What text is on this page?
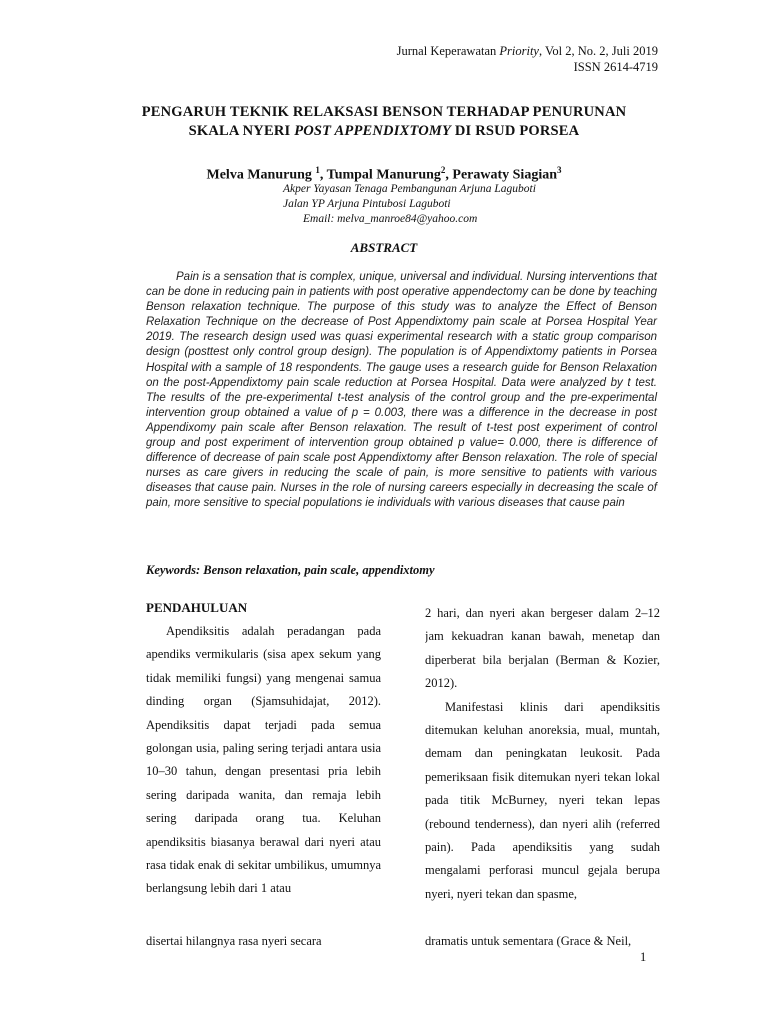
Jurnal Keperawatan Priority, Vol 2, No. 2, Juli 2019
ISSN 2614-4719
PENGARUH TEKNIK RELAKSASI BENSON TERHADAP PENURUNAN
SKALA NYERI POST APPENDIXTOMY DI RSUD PORSEA
Melva Manurung $^1$, Tumpal Manurung$^2$, Perawaty Siagian$^3$
Akper Yayasan Tenaga Pembangunan Arjuna Laguboti
Jalan YP Arjuna Pintubosi Laguboti
Email: melva_manroe84@yahoo.com
ABSTRACT
Pain is a sensation that is complex, unique, universal and individual. Nursing interventions that can be done in reducing pain in patients with post operative appendectomy can be done by teaching Benson relaxation technique. The purpose of this study was to analyze the Effect of Benson Relaxation Technique on the decrease of Post Appendixtomy pain scale at Porsea Hospital Year 2019. The research design used was quasi experimental research with a static group comparison design (posttest only control group design). The population is of Appendixtomy patients in Porsea Hospital with a sample of 18 respondents. The gauge uses a research guide for Benson Relaxation on the post-Appendixtomy pain scale reduction at Porsea Hospital. Data were analyzed by t test. The results of the pre-experimental t-test analysis of the control group and the pre-experimental intervention group obtained a value of p = 0.003, there was a difference in the decrease in post Appendixomy pain scale after Benson relaxation. The result of t-test post experiment of control group and post experiment of intervention group obtained p value= 0.000, there is difference of difference of decrease of pain scale post Appendixtomy after Benson relaxation. The role of special nurses as care givers in reducing the scale of pain, is more sensitive to patients with various diseases that cause pain. Nurses in the role of nursing careers especially in decreasing the scale of pain, more sensitive to special populations ie individuals with various diseases that cause pain
Keywords: Benson relaxation, pain scale, appendixtomy
PENDAHULUAN

Apendiksitis adalah peradangan pada apendiks vermikularis (sisa apex sekum yang tidak memiliki fungsi) yang mengenai samua dinding organ (Sjamsuhidajat, 2012). Apendiksitis dapat terjadi pada semua golongan usia, paling sering terjadi antara usia 10–30 tahun, dengan presentasi pria lebih sering daripada wanita, dan remaja lebih sering daripada orang tua. Keluhan apendiksitis biasanya berawal dari nyeri atau rasa tidak enak di sekitar umbilikus, umumnya berlangsung lebih dari 1 atau

disertai hilangnya rasa nyeri secara

2 hari, dan nyeri akan bergeser dalam 2–12 jam kekuadran kanan bawah, menetap dan diperberat bila berjalan (Berman & Kozier, 2012).

Manifestasi klinis dari apendiksitis ditemukan keluhan anoreksia, mual, muntah, demam dan peningkatan leukosit. Pada pemeriksaan fisik ditemukan nyeri tekan lokal pada titik McBurney, nyeri tekan lepas (rebound tenderness), dan nyeri alih (referred pain). Pada apendiksitis yang sudah mengalami perforasi muncul gejala berupa nyeri, nyeri tekan dan spasme,

dramatis untuk sementara (Grace & Neil,

1
